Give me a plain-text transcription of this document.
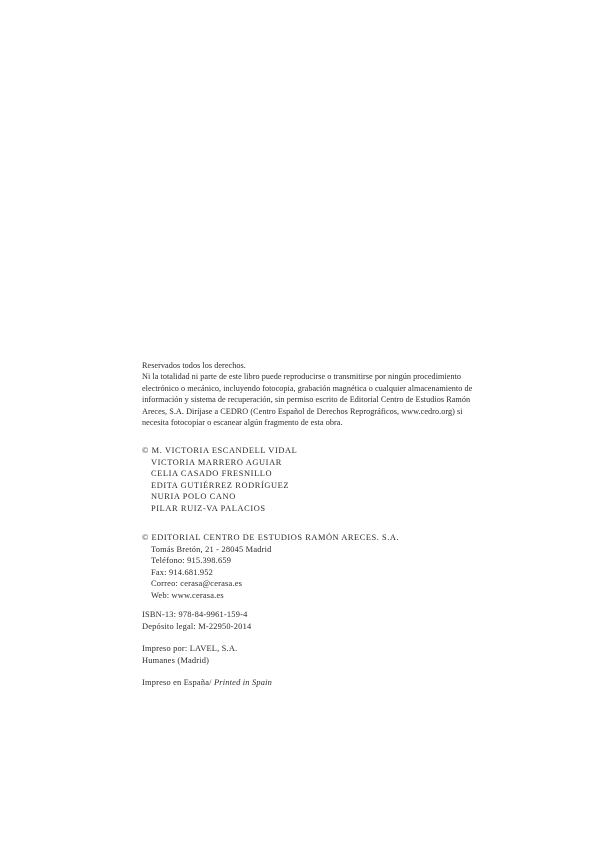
Reservados todos los derechos.
Ni la totalidad ni parte de este libro puede reproducirse o transmitirse por ningún procedimiento
electrónico o mecánico, incluyendo fotocopia, grabación magnética o cualquier almacenamiento de
información y sistema de recuperación, sin permiso escrito de Editorial Centro de Estudios Ramón
Areces, S.A. Diríjase a CEDRO (Centro Español de Derechos Reprográficos, www.cedro.org) si
necesita fotocopiar o escanear algún fragmento de esta obra.
© M. VICTORIA ESCANDELL VIDAL
VICTORIA MARRERO AGUIAR
CELIA CASADO FRESNILLO
EDITA GUTIÉRREZ RODRÍGUEZ
NURIA POLO CANO
PILAR RUIZ-VA PALACIOS
© EDITORIAL CENTRO DE ESTUDIOS RAMÓN ARECES. S.A.
Tomás Bretón, 21 - 28045 Madrid
Teléfono: 915.398.659
Fax: 914.681.952
Correo: cerasa@cerasa.es
Web: www.cerasa.es
ISBN-13: 978-84-9961-159-4
Depósito legal: M-22950-2014
Impreso por: LAVEL, S.A.
Humanes (Madrid)
Impreso en España/ Printed in Spain
